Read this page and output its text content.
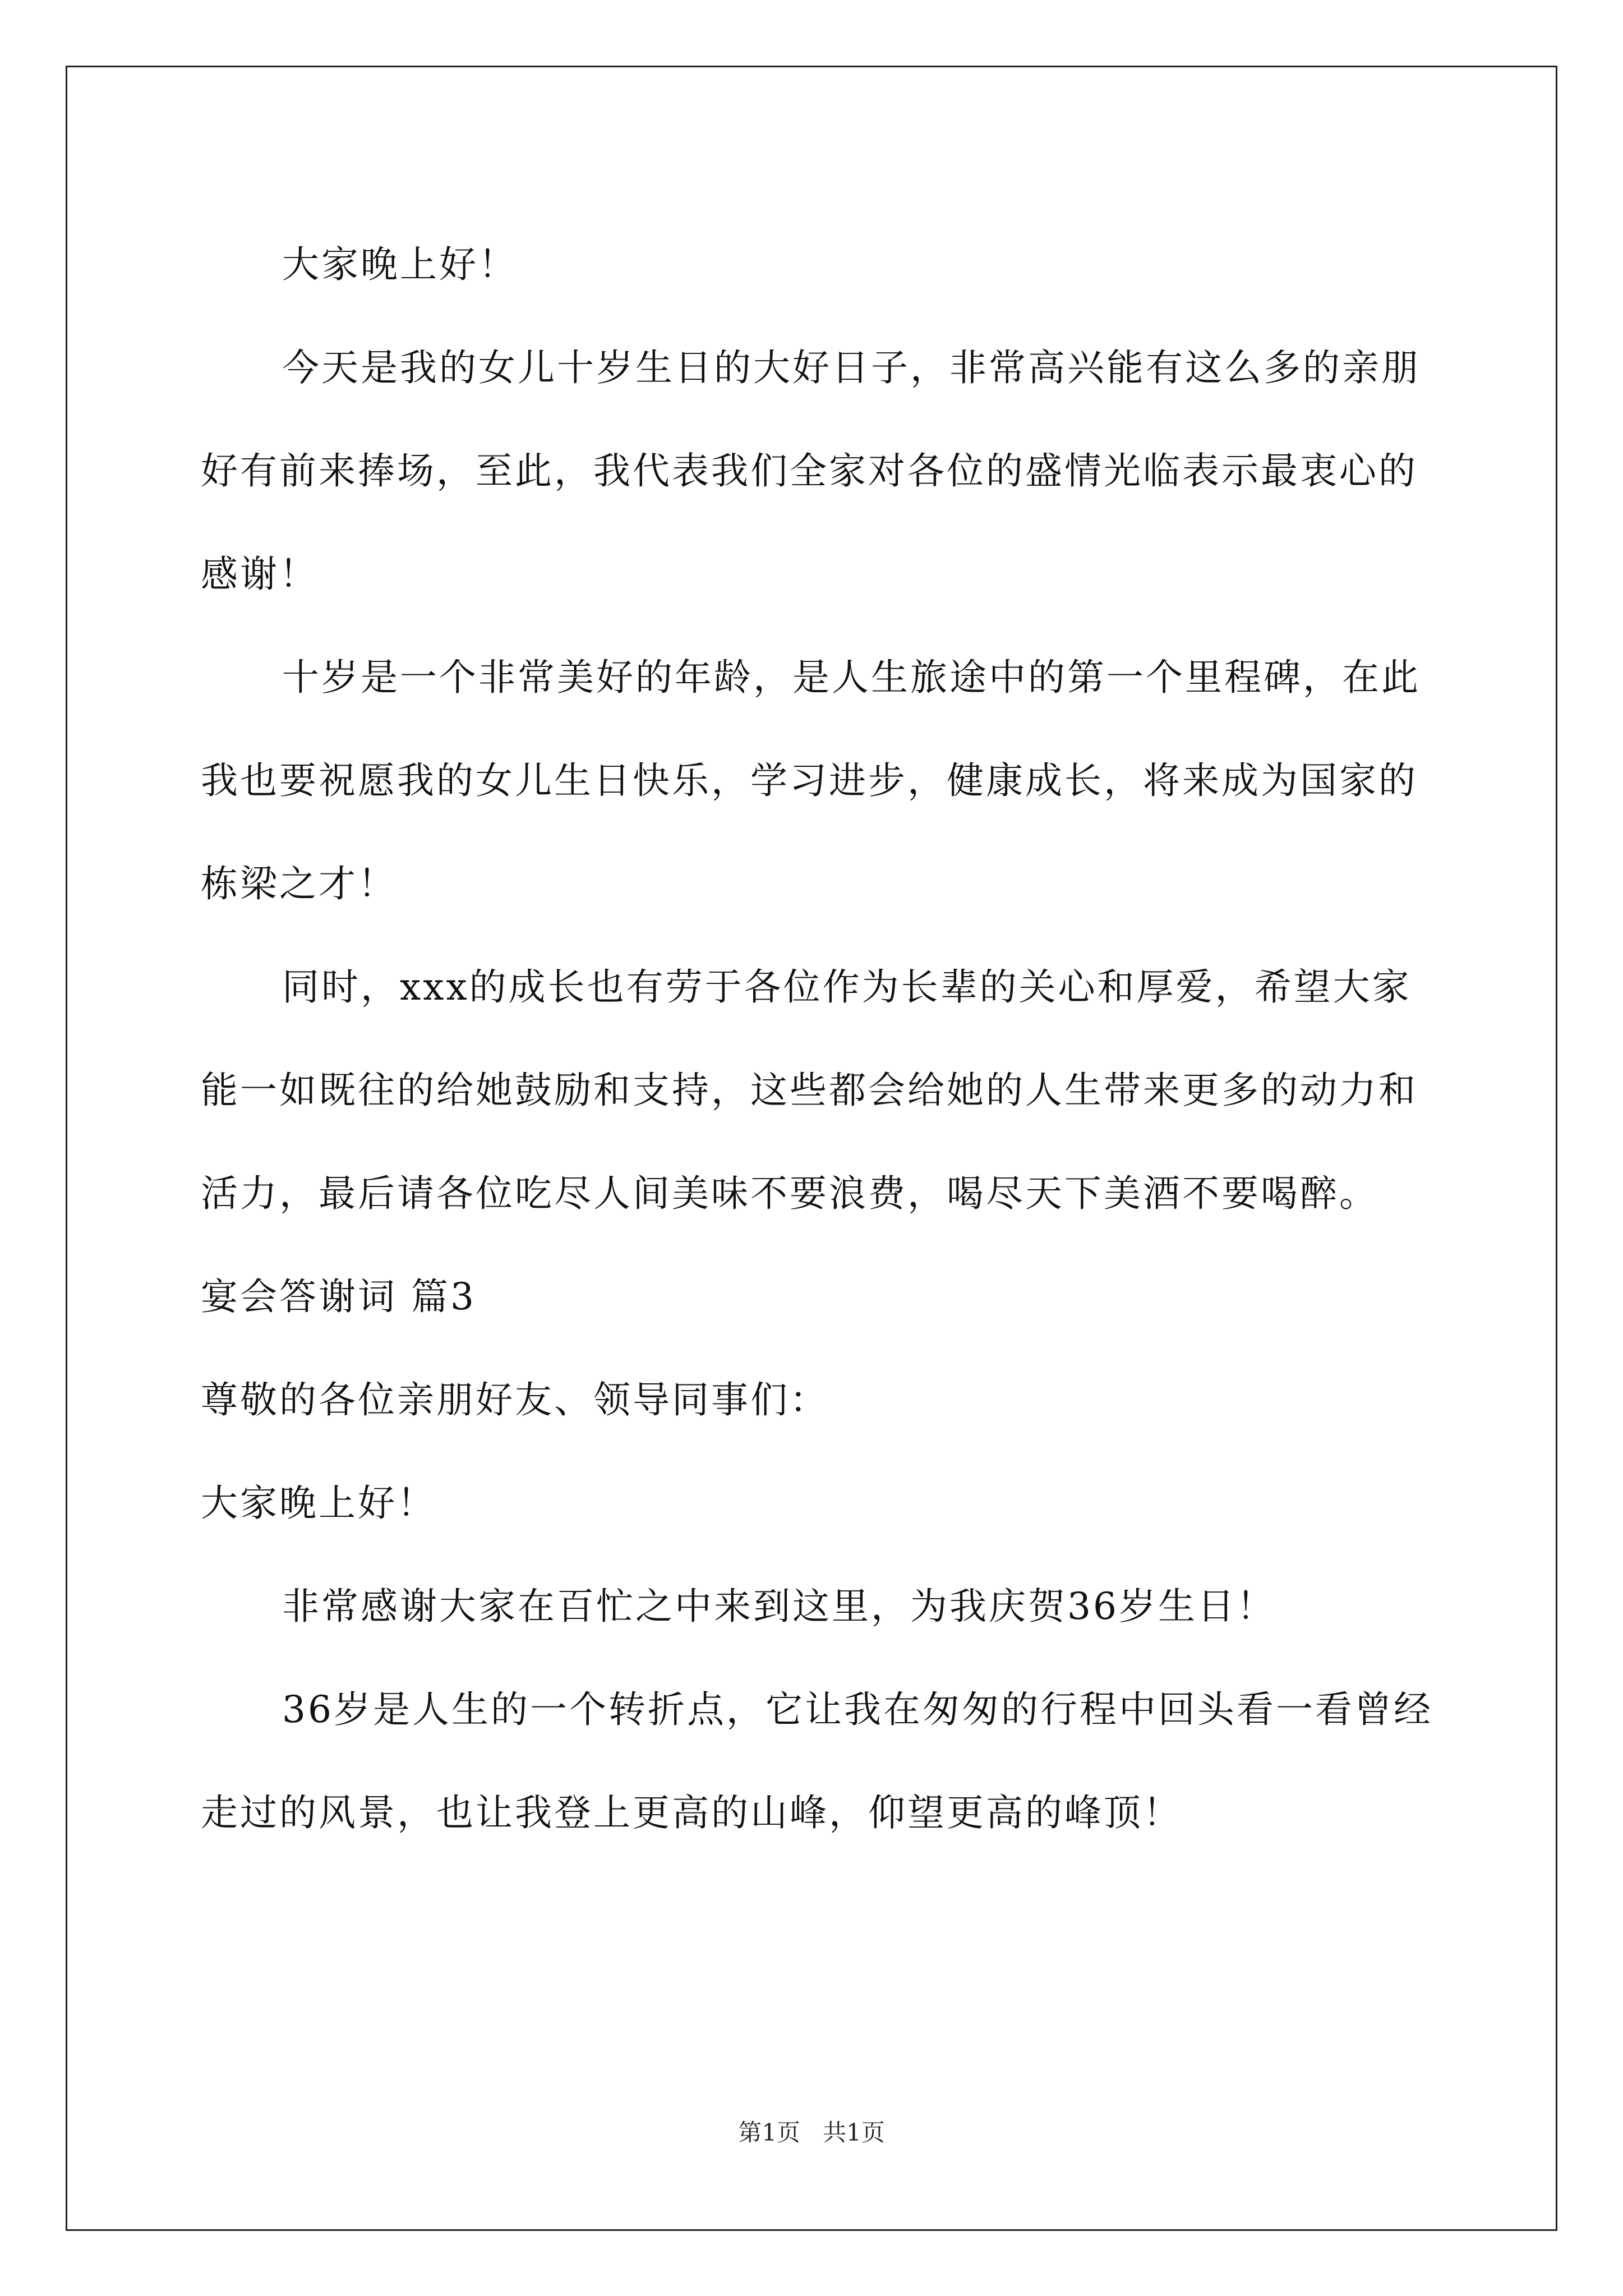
大家晚上好！

今天是我的女儿十岁生日的大好日子，非常高兴能有这么多的亲朋好有前来捧场，至此，我代表我们全家对各位的盛情光临表示最衷心的感谢！

十岁是一个非常美好的年龄，是人生旅途中的第一个里程碑，在此我也要祝愿我的女儿生日快乐，学习进步，健康成长，将来成为国家的栋梁之才！

同时，xxx的成长也有劳于各位作为长辈的关心和厚爱，希望大家能一如既往的给她鼓励和支持，这些都会给她的人生带来更多的动力和活力，最后请各位吃尽人间美味不要浪费，喝尽天下美酒不要喝醉。

宴会答谢词 篇3

尊敬的各位亲朋好友、领导同事们：

大家晚上好！

非常感谢大家在百忙之中来到这里，为我庆贺36岁生日！

36岁是人生的一个转折点，它让我在匆匆的行程中回头看一看曾经走过的风景，也让我登上更高的山峰，仰望更高的峰顶！

第1页 共1页
